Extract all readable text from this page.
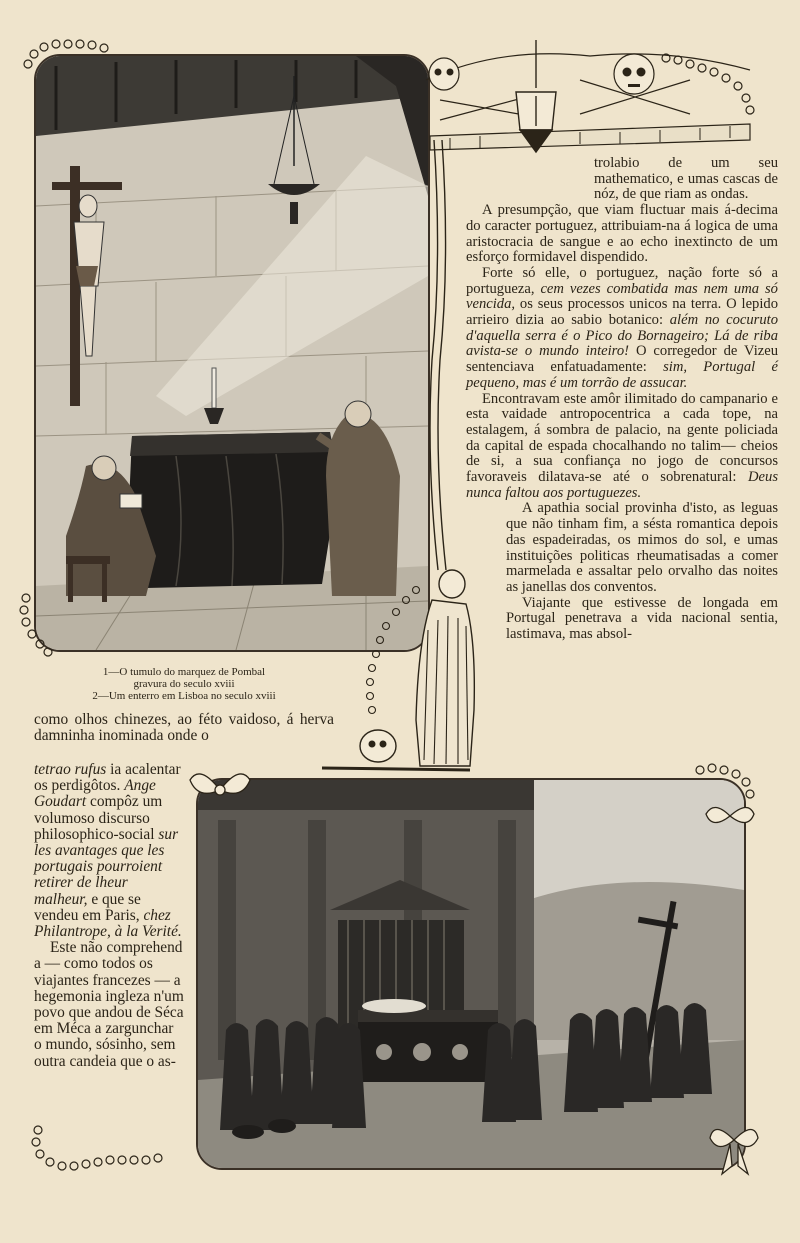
1—O tumulo do marquez de Pombal
gravura do seculo xviii
2—Um enterro em Lisboa no seculo xviii

trolabio de um seu mathematico, e umas cascas de nóz, de que riam as ondas.

A presumpção, que viam fluctuar mais á-decima do caracter portuguez, attribuiam-na á logica de uma aristocracia de sangue e ao echo inextincto de um esforço formidavel dispendido.

Forte só elle, o portuguez, nação forte só a portugueza, cem vezes combatida mas nem uma só vencida, os seus processos unicos na terra. O lepido arrieiro dizia ao sabio botanico: além no cocuruto d'aquella serra é o Pico do Bornageiro; Lá de riba avista-se o mundo inteiro! O corregedor de Vizeu sentenciava enfatuadamente: sim, Portugal é pequeno, mas é um torrão de assucar.

Encontravam este amôr ilimitado do campanario e esta vaidade antropocentrica a cada tope, na estalagem, á sombra de palacio, na gente policiada da capital de espada chocalhando no talim— cheios de si, a sua confiança no jogo de concursos favoraveis dilatava-se até o sobrenatural: Deus nunca faltou aos portuguezes.

A apathia social provinha d'isto, as leguas que não tinham fim, a sésta romantica depois das espadeiradas, os mimos do sol, e umas instituições politicas rheumatisadas a comer marmelada e assaltar pelo orvalho das noites as janellas dos conventos.

Viajante que estivesse de longada em Portugal penetrava a vida nacional sentia, lastimava, mas absol-

como olhos chinezes, ao féto vaidoso, á herva damninha inominada onde o

tetrao rufus ia acalentar os perdigôtos. Ange Goudart compôz um volumoso discurso philosophico-social sur les avantages que les portugais pourroient retirer de lheur malheur, e que se vendeu em Paris, chez Philantrope, à la Verité.

Este não comprehend a — como todos os viajantes francezes — a hegemonia ingleza n'um povo que andou de Séca em Méca a zargunchar o mundo, sósinho, sem outra candeia que o as-
